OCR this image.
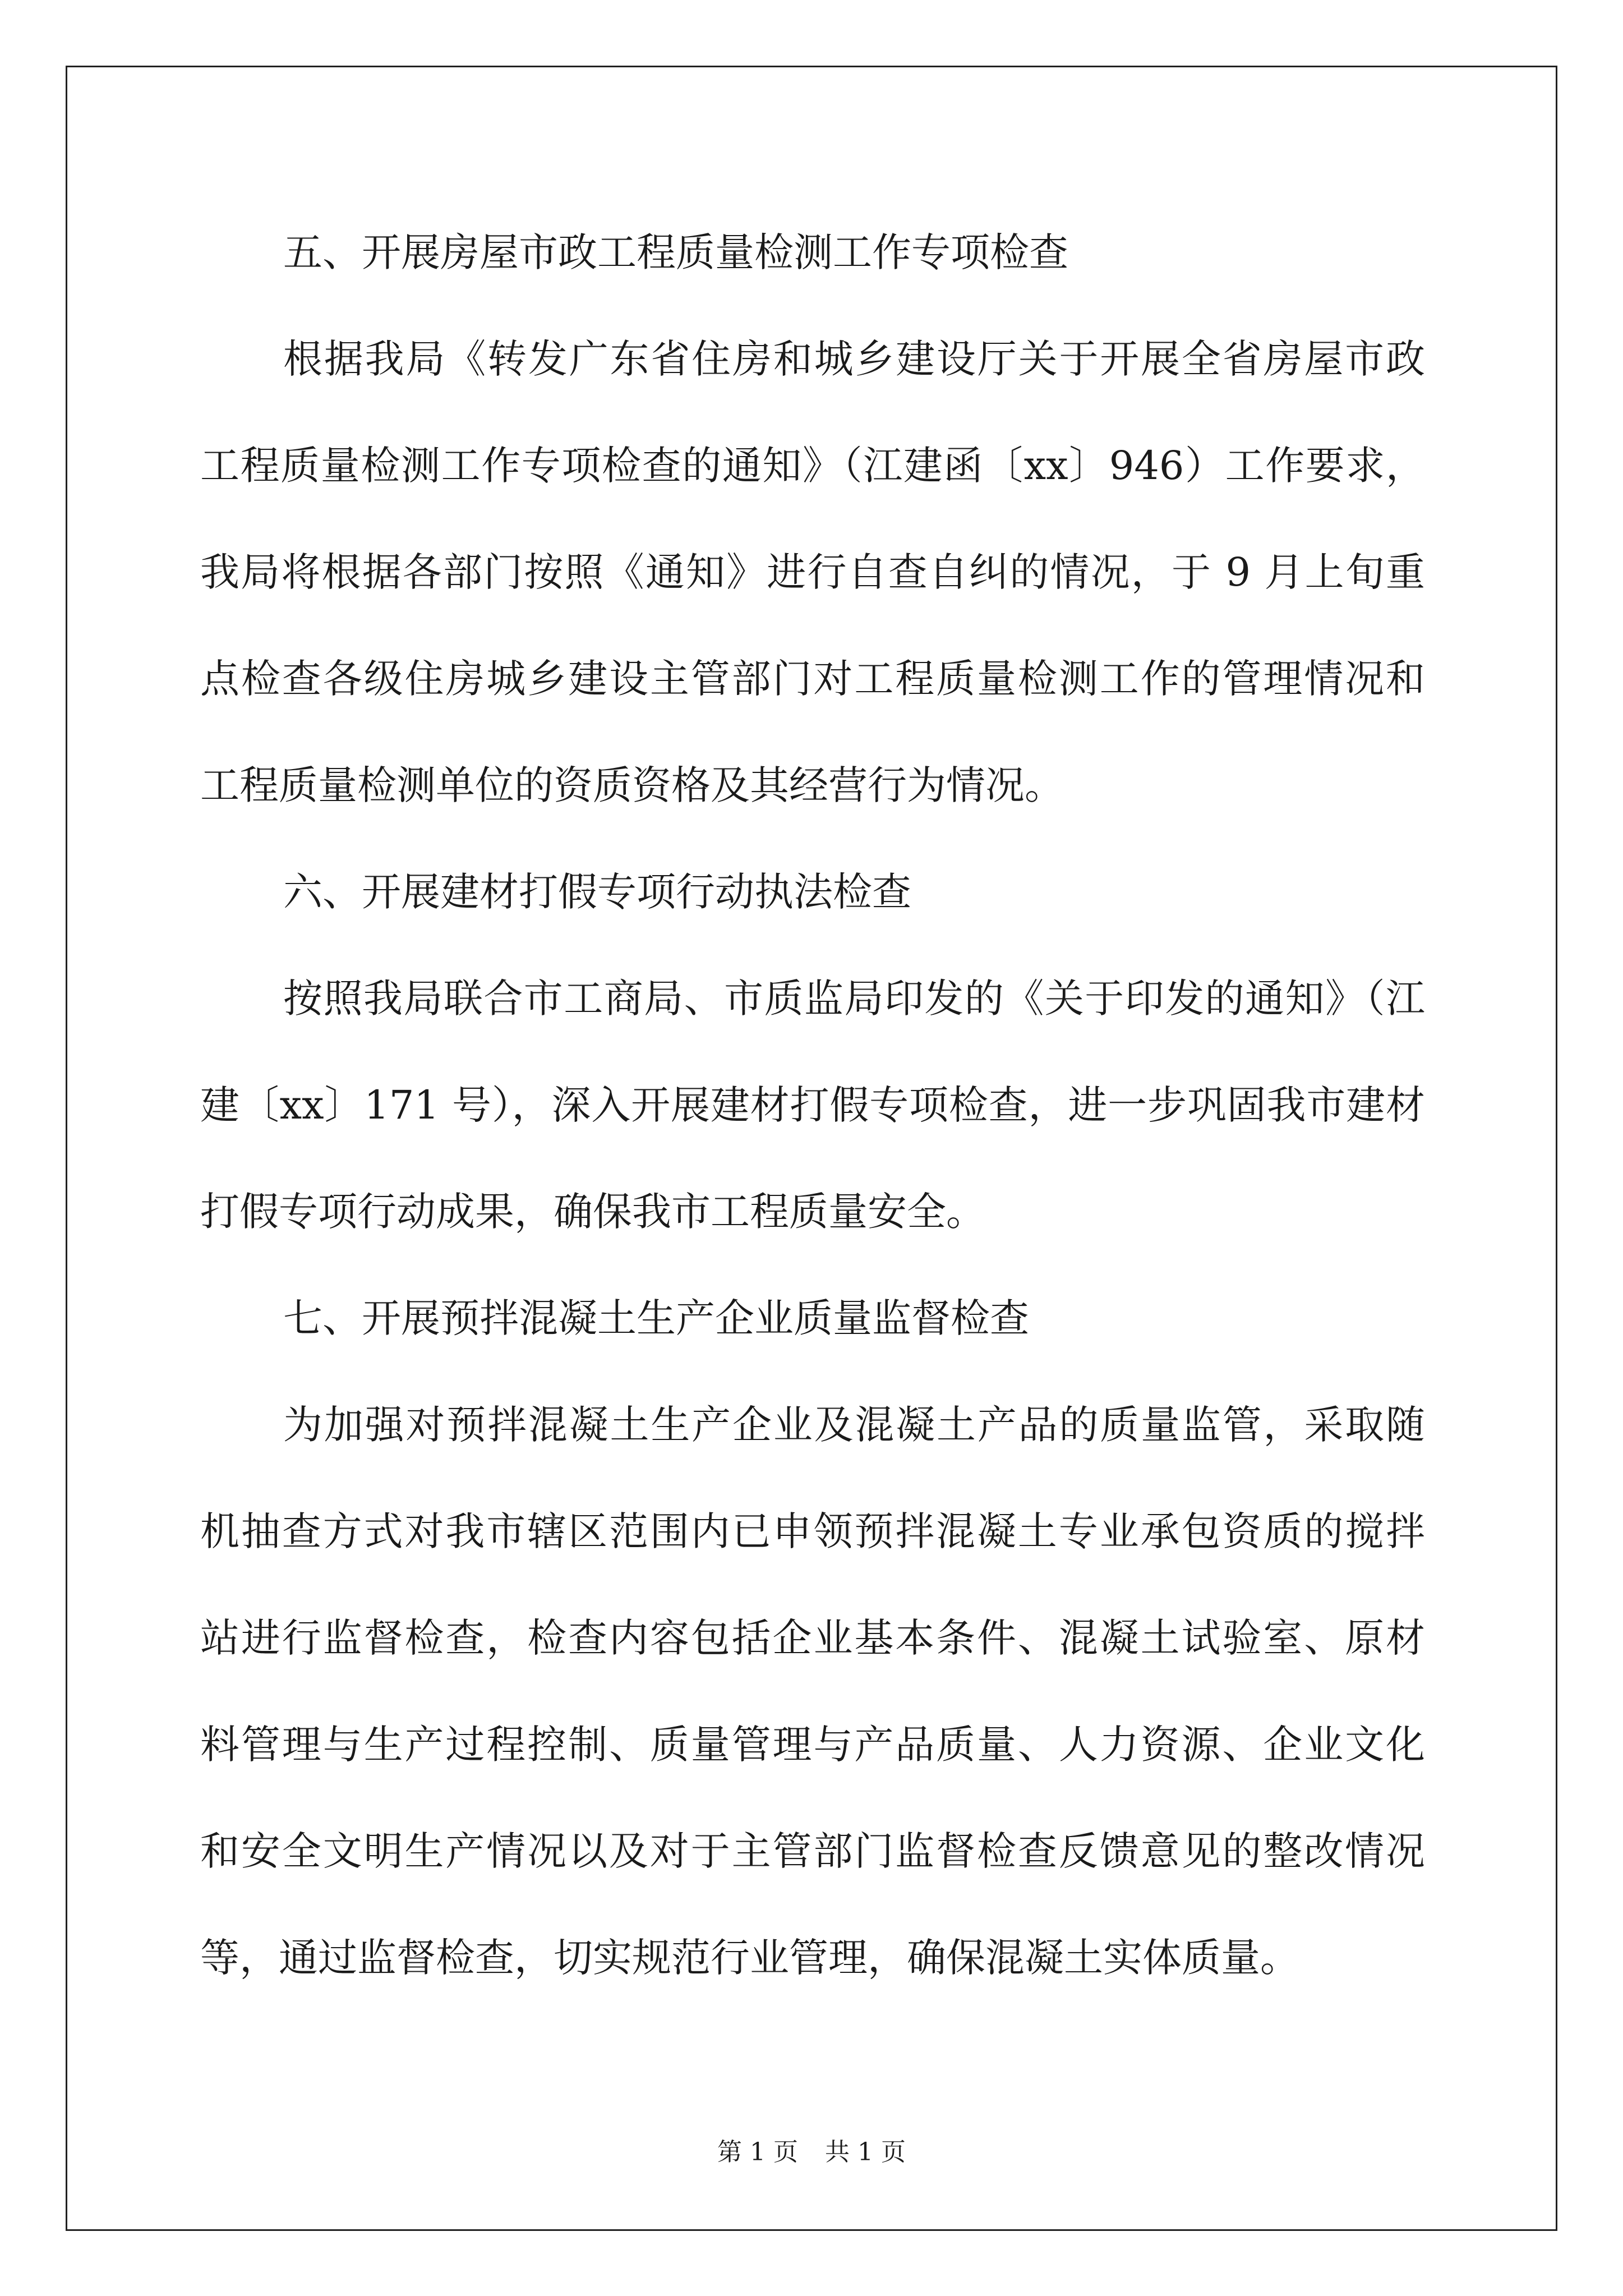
五、开展房屋市政工程质量检测工作专项检查
根据我局《转发广东省住房和城乡建设厅关于开展全省房屋市政
工程质量检测工作专项检查的通知》（江建函〔xx〕946）工作要求，
我局将根据各部门按照《通知》进行自查自纠的情况，于 9 月上旬重
点检查各级住房城乡建设主管部门对工程质量检测工作的管理情况和
工程质量检测单位的资质资格及其经营行为情况。
六、开展建材打假专项行动执法检查
按照我局联合市工商局、市质监局印发的《关于印发的通知》（江
建〔xx〕171 号），深入开展建材打假专项检查，进一步巩固我市建材
打假专项行动成果，确保我市工程质量安全。
七、开展预拌混凝土生产企业质量监督检查
为加强对预拌混凝土生产企业及混凝土产品的质量监管，采取随
机抽查方式对我市辖区范围内已申领预拌混凝土专业承包资质的搅拌
站进行监督检查，检查内容包括企业基本条件、混凝土试验室、原材
料管理与生产过程控制、质量管理与产品质量、人力资源、企业文化
和安全文明生产情况以及对于主管部门监督检查反馈意见的整改情况
等，通过监督检查，切实规范行业管理，确保混凝土实体质量。
第 1 页 共 1 页
